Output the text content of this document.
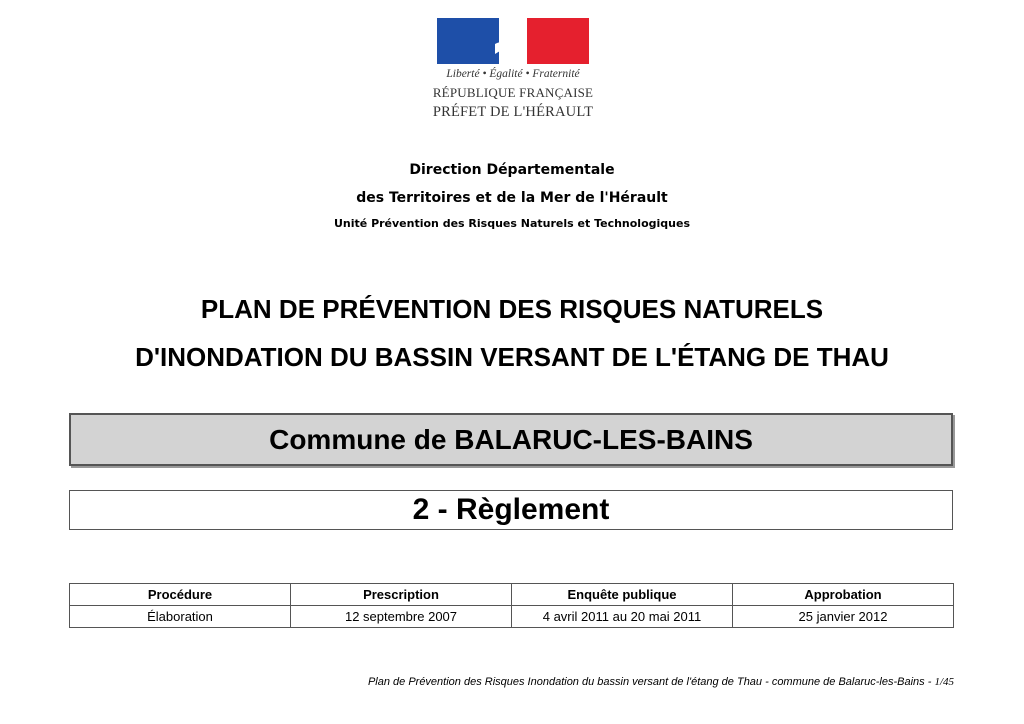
Liberté • Égalité • Fraternité
RÉPUBLIQUE FRANÇAISE
PRÉFET DE L'HÉRAULT
Direction Départementale
des Territoires et de la Mer de l'Hérault
Unité Prévention des Risques Naturels et Technologiques
PLAN DE PRÉVENTION DES RISQUES NATURELS
D'INONDATION DU BASSIN VERSANT DE L'ÉTANG DE THAU
Commune de BALARUC-LES-BAINS
2 - Règlement
Procédure	Prescription	Enquête publique	Approbation
Élaboration	12 septembre 2007	4 avril 2011 au 20 mai 2011	25 janvier 2012
Plan de Prévention des Risques Inondation du bassin versant de l'étang de Thau - commune de Balaruc-les-Bains - 1/45
